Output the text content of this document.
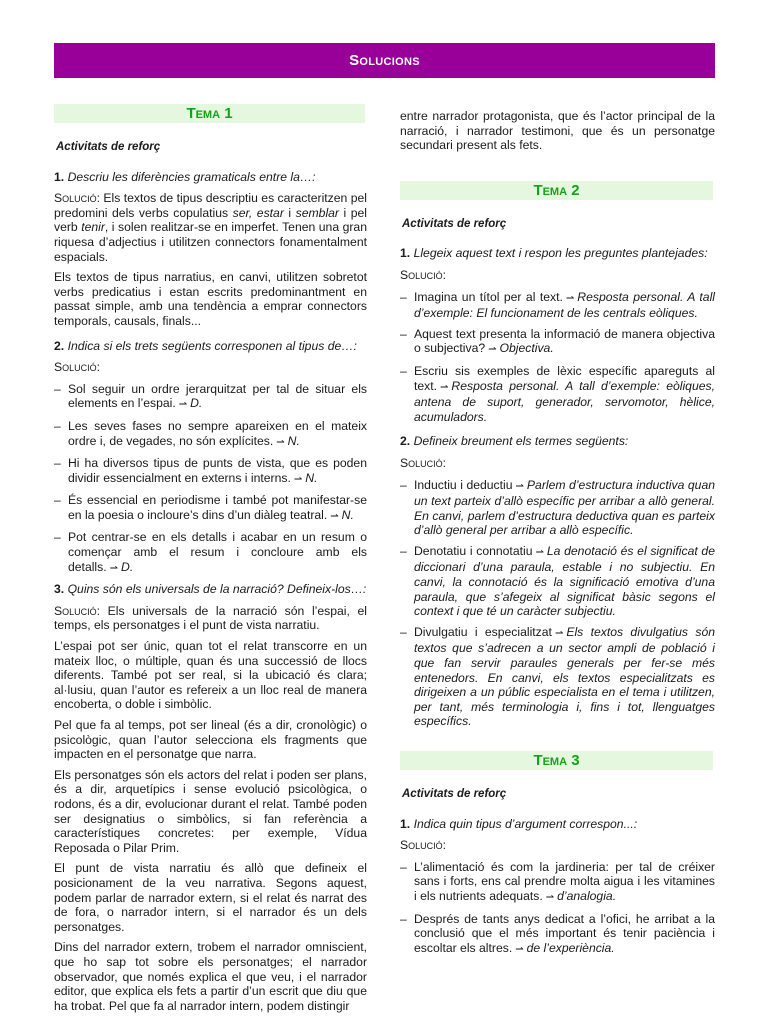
Solucions
Tema 1
Activitats de reforç
1. Descriu les diferències gramaticals entre la…:

Solució: Els textos de tipus descriptiu es caracteritzen pel predomini dels verbs copulatius ser, estar i semblar i pel verb tenir, i solen realitzar-se en imperfet. Tenen una gran riquesa d’adjectius i utilitzen connectors fonamentalment espacials.

Els textos de tipus narratius, en canvi, utilitzen sobretot verbs predicatius i estan escrits predominantment en passat simple, amb una tendència a emprar connectors temporals, causals, finals...

2. Indica si els trets següents corresponen al tipus de…:
Solució:
– Sol seguir un ordre jerarquitzat per tal de situar els elements en l’espai. ⇀ D.
– Les seves fases no sempre apareixen en el mateix ordre i, de vegades, no són explícites. ⇀ N.
– Hi ha diversos tipus de punts de vista, que es poden dividir essencialment en externs i interns. ⇀ N.
– És essencial en periodisme i també pot manifestar-se en la poesia o incloure’s dins d’un diàleg teatral. ⇀ N.
– Pot centrar-se en els detalls i acabar en un resum o començar amb el resum i concloure amb els detalls. ⇀ D.
3. Quins són els universals de la narració? Defineix-los…:

Solució: Els universals de la narració són l’espai, el temps, els personatges i el punt de vista narratiu.

L’espai pot ser únic, quan tot el relat transcorre en un mateix lloc, o múltiple, quan és una successió de llocs diferents. També pot ser real, si la ubicació és clara; al·lusiu, quan l’autor es refereix a un lloc real de manera encoberta, o doble i simbòlic.

Pel que fa al temps, pot ser lineal (és a dir, cronològic) o psicològic, quan l’autor selecciona els fragments que impacten en el personatge que narra.

Els personatges són els actors del relat i poden ser plans, és a dir, arquetípics i sense evolució psicològica, o rodons, és a dir, evolucionar durant el relat. També poden ser designatius o simbòlics, si fan referència a característiques concretes: per exemple, Vídua Reposada o Pilar Prim.

El punt de vista narratiu és allò que defineix el posicionament de la veu narrativa. Segons aquest, podem parlar de narrador extern, si el relat és narrat des de fora, o narrador intern, si el narrador és un dels personatges.

Dins del narrador extern, trobem el narrador omniscient, que ho sap tot sobre els personatges; el narrador observador, que només explica el que veu, i el narrador editor, que explica els fets a partir d’un escrit que diu que ha trobat. Pel que fa al narrador intern, podem distingir

entre narrador protagonista, que és l’actor principal de la narració, i narrador testimoni, que és un personatge secundari present als fets.

Tema 2
Activitats de reforç
1. Llegeix aquest text i respon les preguntes plantejades:
Solució:
– Imagina un títol per al text. ⇀ Resposta personal. A tall d’exemple: El funcionament de les centrals eòliques.
– Aquest text presenta la informació de manera objectiva o subjectiva? ⇀ Objectiva.
– Escriu sis exemples de lèxic específic apareguts al text. ⇀ Resposta personal. A tall d’exemple: eòliques, antena de suport, generador, servomotor, hèlice, acumuladors.
2. Defineix breument els termes següents:
Solució:
– Inductiu i deductiu ⇀ Parlem d’estructura inductiva quan un text parteix d’allò específic per arribar a allò general. En canvi, parlem d’estructura deductiva quan es parteix d’allò general per arribar a allò específic.
– Denotatiu i connotatiu ⇀ La denotació és el significat de diccionari d’una paraula, estable i no subjectiu. En canvi, la connotació és la significació emotiva d’una paraula, que s’afegeix al significat bàsic segons el context i que té un caràcter subjectiu.
– Divulgatiu i especialitzat ⇀ Els textos divulgatius són textos que s’adrecen a un sector ampli de població i que fan servir paraules generals per fer-se més entenedors. En canvi, els textos especialitzats es dirigeixen a un públic especialista en el tema i utilitzen, per tant, més terminologia i, fins i tot, llenguatges específics.
Tema 3
Activitats de reforç
1. Indica quin tipus d’argument correspon...:
Solució:
– L’alimentació és com la jardineria: per tal de créixer sans i forts, ens cal prendre molta aigua i les vitamines i els nutrients adequats. ⇀ d’analogia.
– Després de tants anys dedicat a l’ofici, he arribat a la conclusió que el més important és tenir paciència i escoltar els altres. ⇀ de l’experiència.
